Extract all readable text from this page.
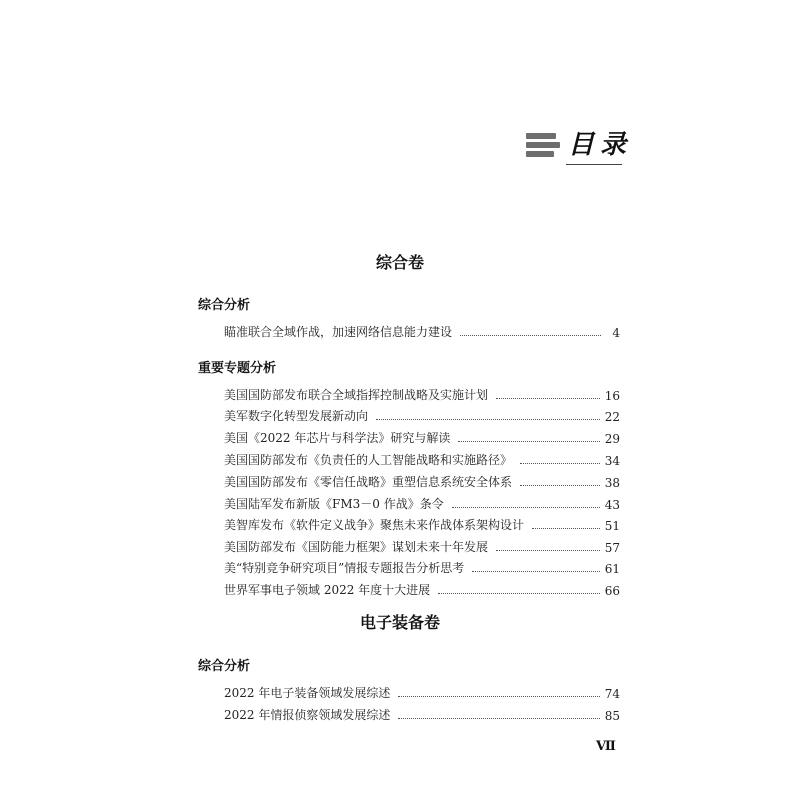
目录
综合卷
综合分析
瞄准联合全域作战，加速网络信息能力建设	4
重要专题分析
美国国防部发布联合全域指挥控制战略及实施计划	16
美军数字化转型发展新动向	22
美国《2022 年芯片与科学法》研究与解读	29
美国国防部发布《负责任的人工智能战略和实施路径》	34
美国国防部发布《零信任战略》重塑信息系统安全体系	38
美国陆军发布新版《FM3－0 作战》条令	43
美智库发布《软件定义战争》聚焦未来作战体系架构设计	51
美国防部发布《国防能力框架》谋划未来十年发展	57
美“特别竞争研究项目”情报专题报告分析思考	61
世界军事电子领域 2022 年度十大进展	66
电子装备卷
综合分析
2022 年电子装备领域发展综述	74
2022 年情报侦察领域发展综述	85
Ⅶ
